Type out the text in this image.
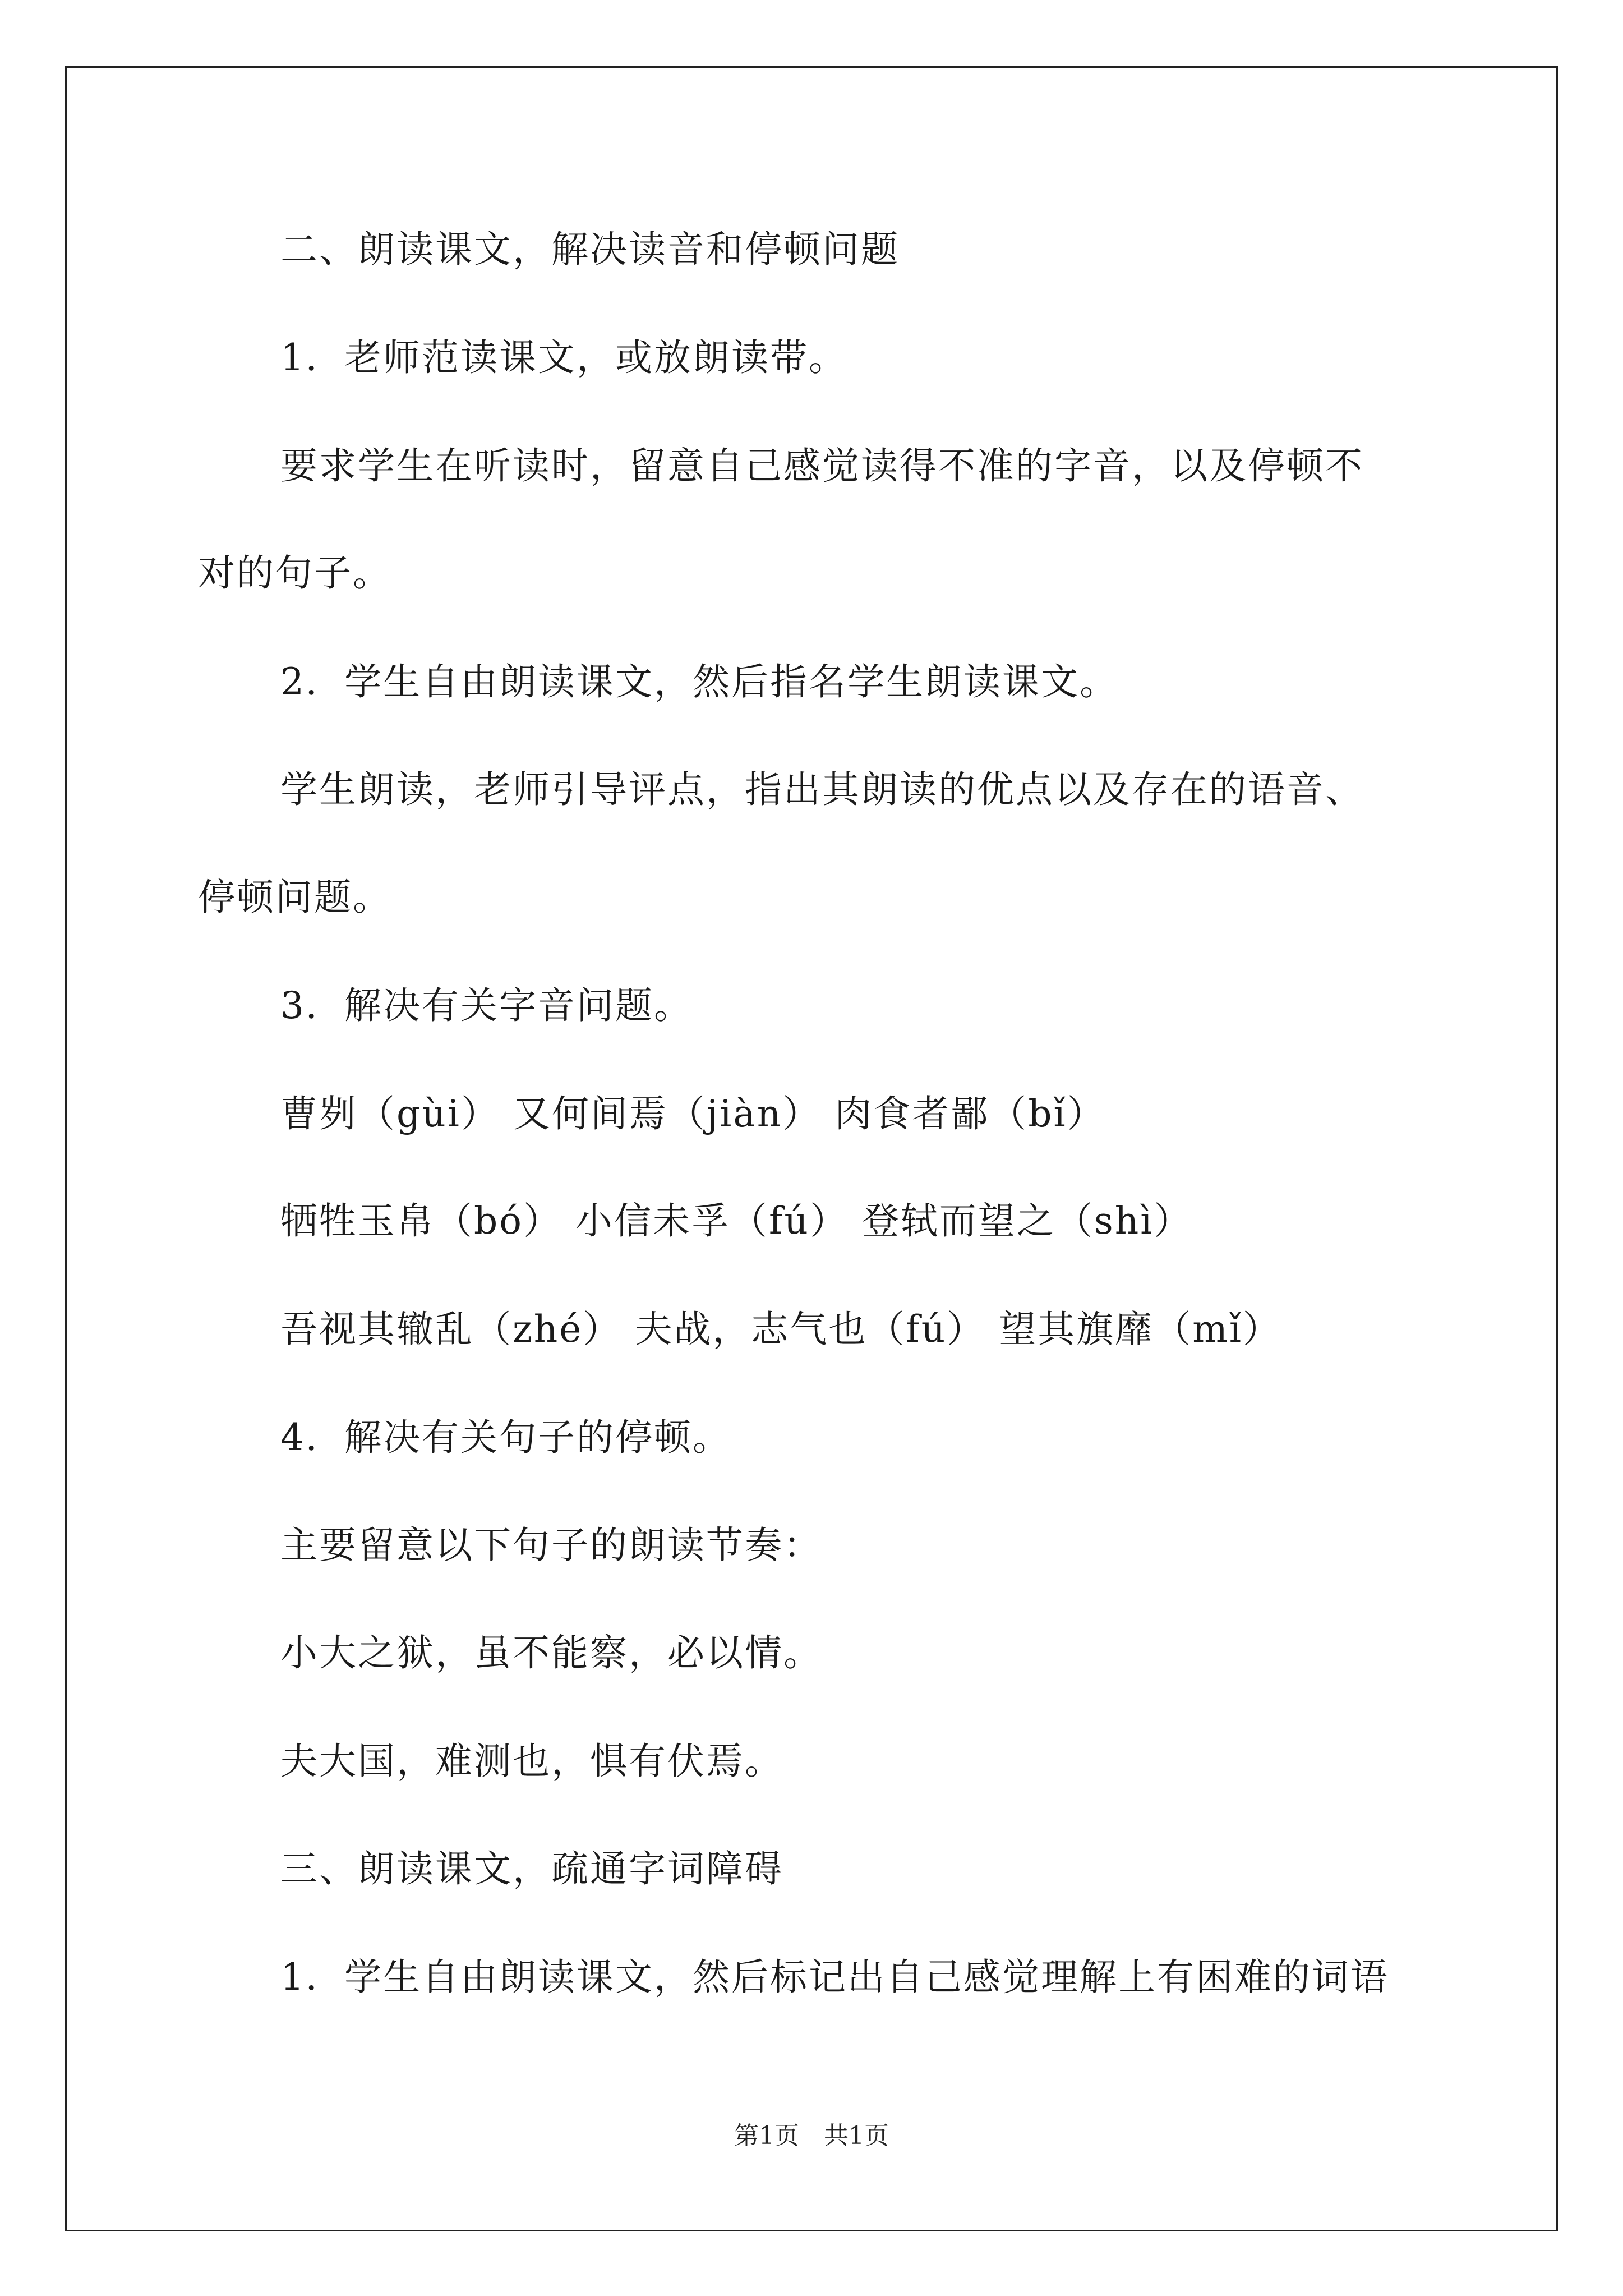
二、朗读课文，解决读音和停顿问题
1．老师范读课文，或放朗读带。
要求学生在听读时，留意自己感觉读得不准的字音，以及停顿不
对的句子。
2．学生自由朗读课文，然后指名学生朗读课文。
学生朗读，老师引导评点，指出其朗读的优点以及存在的语音、
停顿问题。
3．解决有关字音问题。
曹刿（gùi） 又何间焉（jiàn） 肉食者鄙（bǐ）
牺牲玉帛（bó） 小信未孚（fú） 登轼而望之（shì）
吾视其辙乱（zhé） 夫战，志气也（fú） 望其旗靡（mǐ）
4．解决有关句子的停顿。
主要留意以下句子的朗读节奏：
小大之狱，虽不能察，必以情。
夫大国，难测也，惧有伏焉。
三、朗读课文，疏通字词障碍
1．学生自由朗读课文，然后标记出自己感觉理解上有困难的词语
第1页　共1页
